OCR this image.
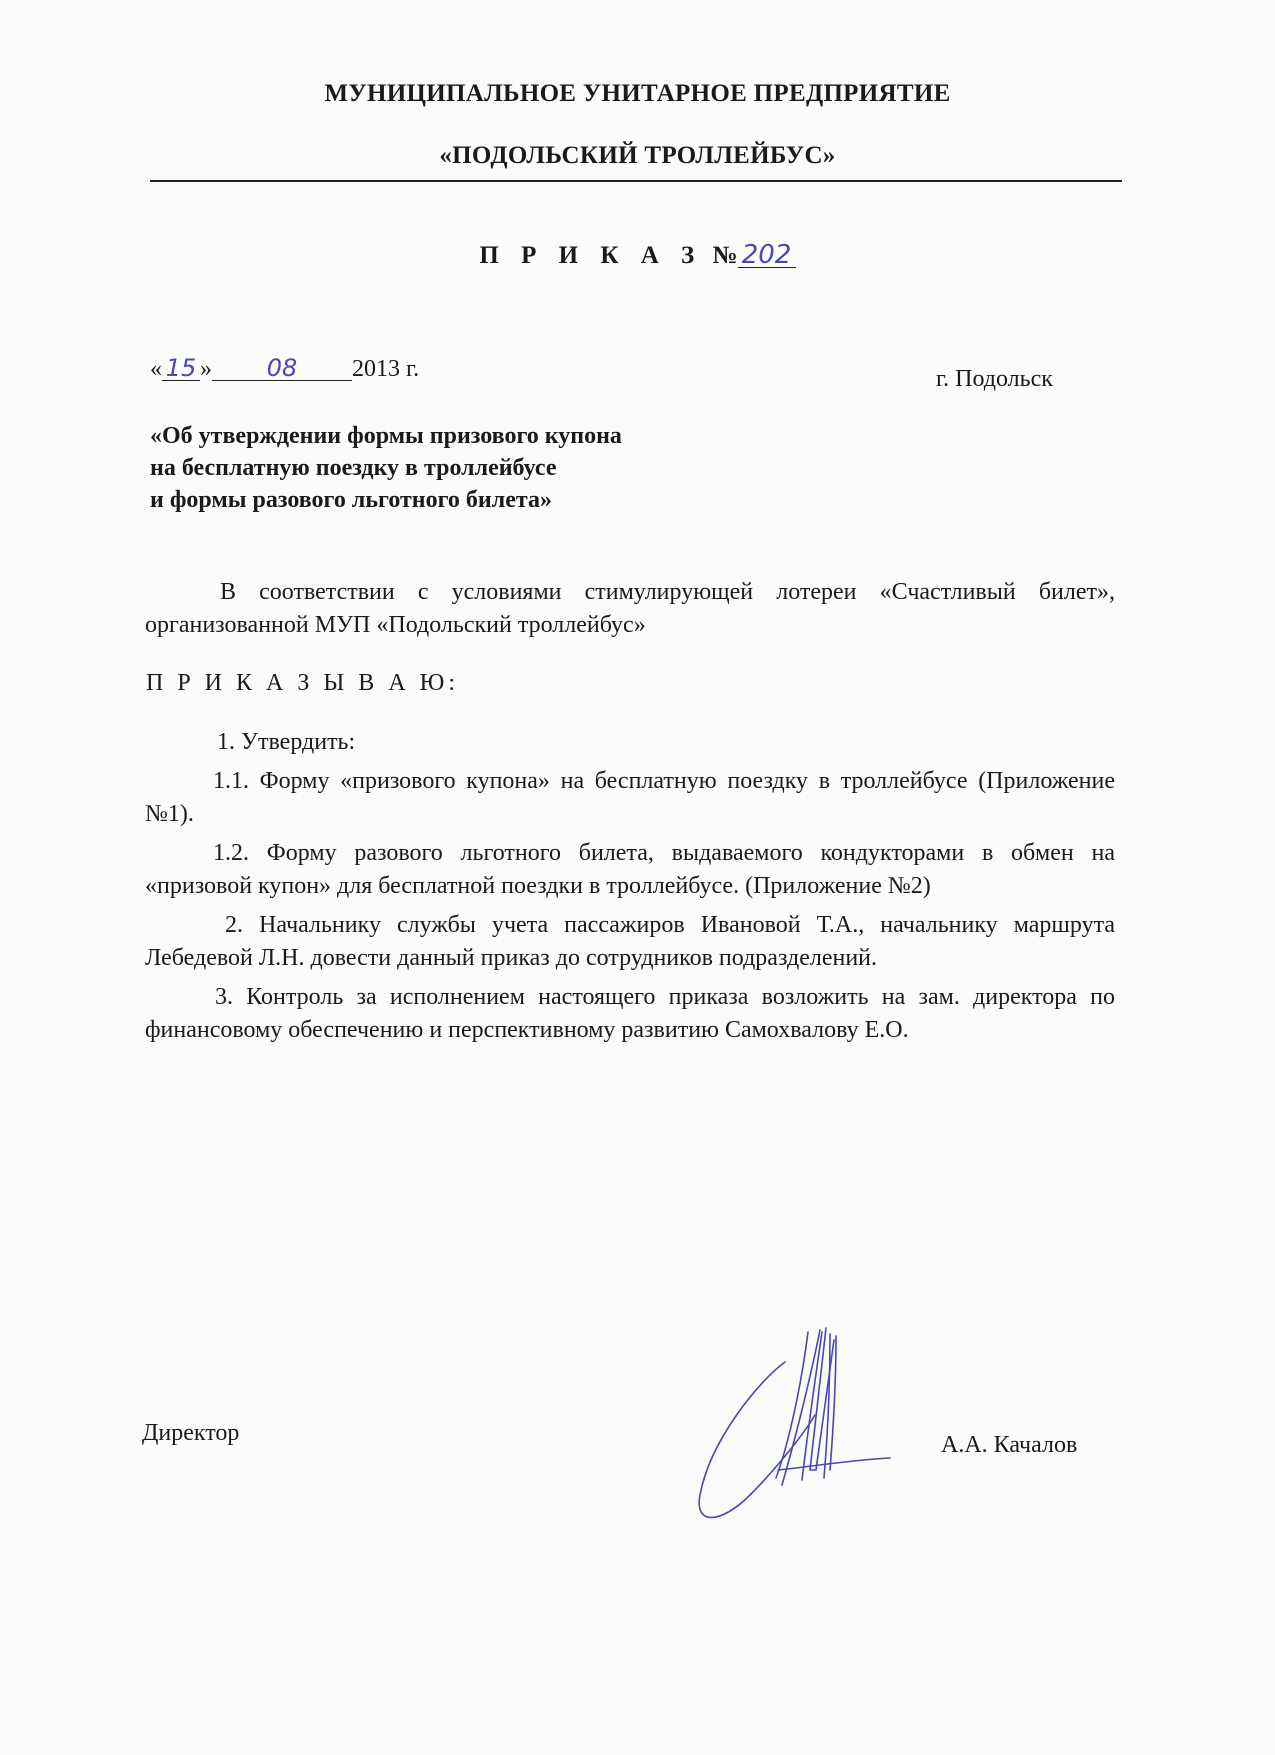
МУНИЦИПАЛЬНОЕ УНИТАРНОЕ ПРЕДПРИЯТИЕ
«ПОДОЛЬСКИЙ ТРОЛЛЕЙБУС»
П Р И К А З № 202
« 15 » 08 2013 г.	г. Подольск
«Об утверждении формы призового купона
на бесплатную поездку в троллейбусе
и формы разового льготного билета»

В соответствии с условиями стимулирующей лотереи «Счастливый билет», организованной МУП «Подольский троллейбус»

П Р И К А З Ы В А Ю:

1. Утвердить:

1.1. Форму «призового купона» на бесплатную поездку в троллейбусе (Приложение №1).

1.2. Форму разового льготного билета, выдаваемого кондукторами в обмен на «призовой купон» для бесплатной поездки в троллейбусе. (Приложение №2)

2. Начальнику службы учета пассажиров Ивановой Т.А., начальнику маршрута Лебедевой Л.Н. довести данный приказ до сотрудников подразделений.

3. Контроль за исполнением настоящего приказа возложить на зам. директора по финансовому обеспечению и перспективному развитию Самохвалову Е.О.

Директор	А.А. Качалов
